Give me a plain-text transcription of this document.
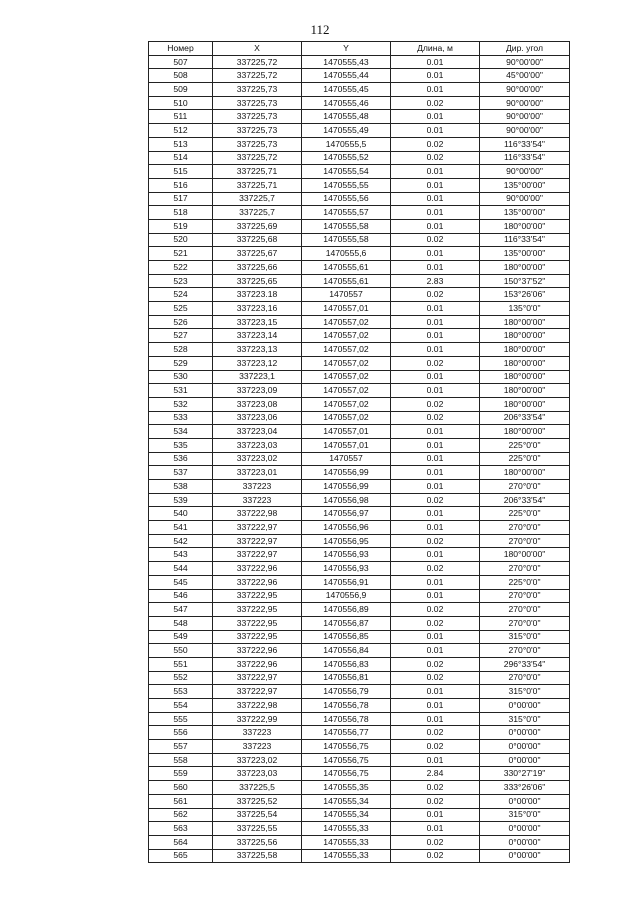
112
Номер	X	Y	Длина, м	Дир. угол
507	337225,72	1470555,43	0.01	90°00'00"
508	337225,72	1470555,44	0.01	45°00'00"
509	337225,73	1470555,45	0.01	90°00'00"
510	337225,73	1470555,46	0.02	90°00'00"
511	337225,73	1470555,48	0.01	90°00'00"
512	337225,73	1470555,49	0.01	90°00'00"
513	337225,73	1470555,5	0.02	116°33'54"
514	337225,72	1470555,52	0.02	116°33'54"
515	337225,71	1470555,54	0.01	90°00'00"
516	337225,71	1470555,55	0.01	135°00'00"
517	337225,7	1470555,56	0.01	90°00'00"
518	337225,7	1470555,57	0.01	135°00'00"
519	337225,69	1470555,58	0.01	180°00'00"
520	337225,68	1470555,58	0.02	116°33'54"
521	337225,67	1470555,6	0.01	135°00'00"
522	337225,66	1470555,61	0.01	180°00'00"
523	337225,65	1470555,61	2.83	150°37'52"
524	337223.18	1470557	0.02	153°26'06"
525	337223,16	1470557,01	0.01	135°0'0"
526	337223,15	1470557,02	0.01	180°00'00"
527	337223,14	1470557,02	0.01	180°00'00"
528	337223,13	1470557,02	0.01	180°00'00"
529	337223,12	1470557,02	0.02	180°00'00"
530	337223,1	1470557,02	0.01	180°00'00"
531	337223,09	1470557,02	0.01	180°00'00"
532	337223,08	1470557,02	0.02	180°00'00"
533	337223,06	1470557,02	0.02	206°33'54"
534	337223,04	1470557,01	0.01	180°00'00"
535	337223,03	1470557,01	0.01	225°0'0"
536	337223,02	1470557	0.01	225°0'0"
537	337223,01	1470556,99	0.01	180°00'00"
538	337223	1470556,99	0.01	270°0'0"
539	337223	1470556,98	0.02	206°33'54"
540	337222,98	1470556,97	0.01	225°0'0"
541	337222,97	1470556,96	0.01	270°0'0"
542	337222,97	1470556,95	0.02	270°0'0"
543	337222,97	1470556,93	0.01	180°00'00"
544	337222,96	1470556,93	0.02	270°0'0"
545	337222,96	1470556,91	0.01	225°0'0"
546	337222,95	1470556,9	0.01	270°0'0"
547	337222,95	1470556,89	0.02	270°0'0"
548	337222,95	1470556,87	0.02	270°0'0"
549	337222,95	1470556,85	0.01	315°0'0"
550	337222,96	1470556,84	0.01	270°0'0"
551	337222,96	1470556,83	0.02	296°33'54"
552	337222,97	1470556,81	0.02	270°0'0"
553	337222,97	1470556,79	0.01	315°0'0"
554	337222,98	1470556,78	0.01	0°00'00"
555	337222,99	1470556,78	0.01	315°0'0"
556	337223	1470556,77	0.02	0°00'00"
557	337223	1470556,75	0.02	0°00'00"
558	337223,02	1470556,75	0.01	0°00'00"
559	337223,03	1470556,75	2.84	330°27'19"
560	337225,5	1470555,35	0.02	333°26'06"
561	337225,52	1470555,34	0.02	0°00'00"
562	337225,54	1470555,34	0.01	315°0'0"
563	337225,55	1470555,33	0.01	0°00'00"
564	337225,56	1470555,33	0.02	0°00'00"
565	337225,58	1470555,33	0.02	0°00'00"
